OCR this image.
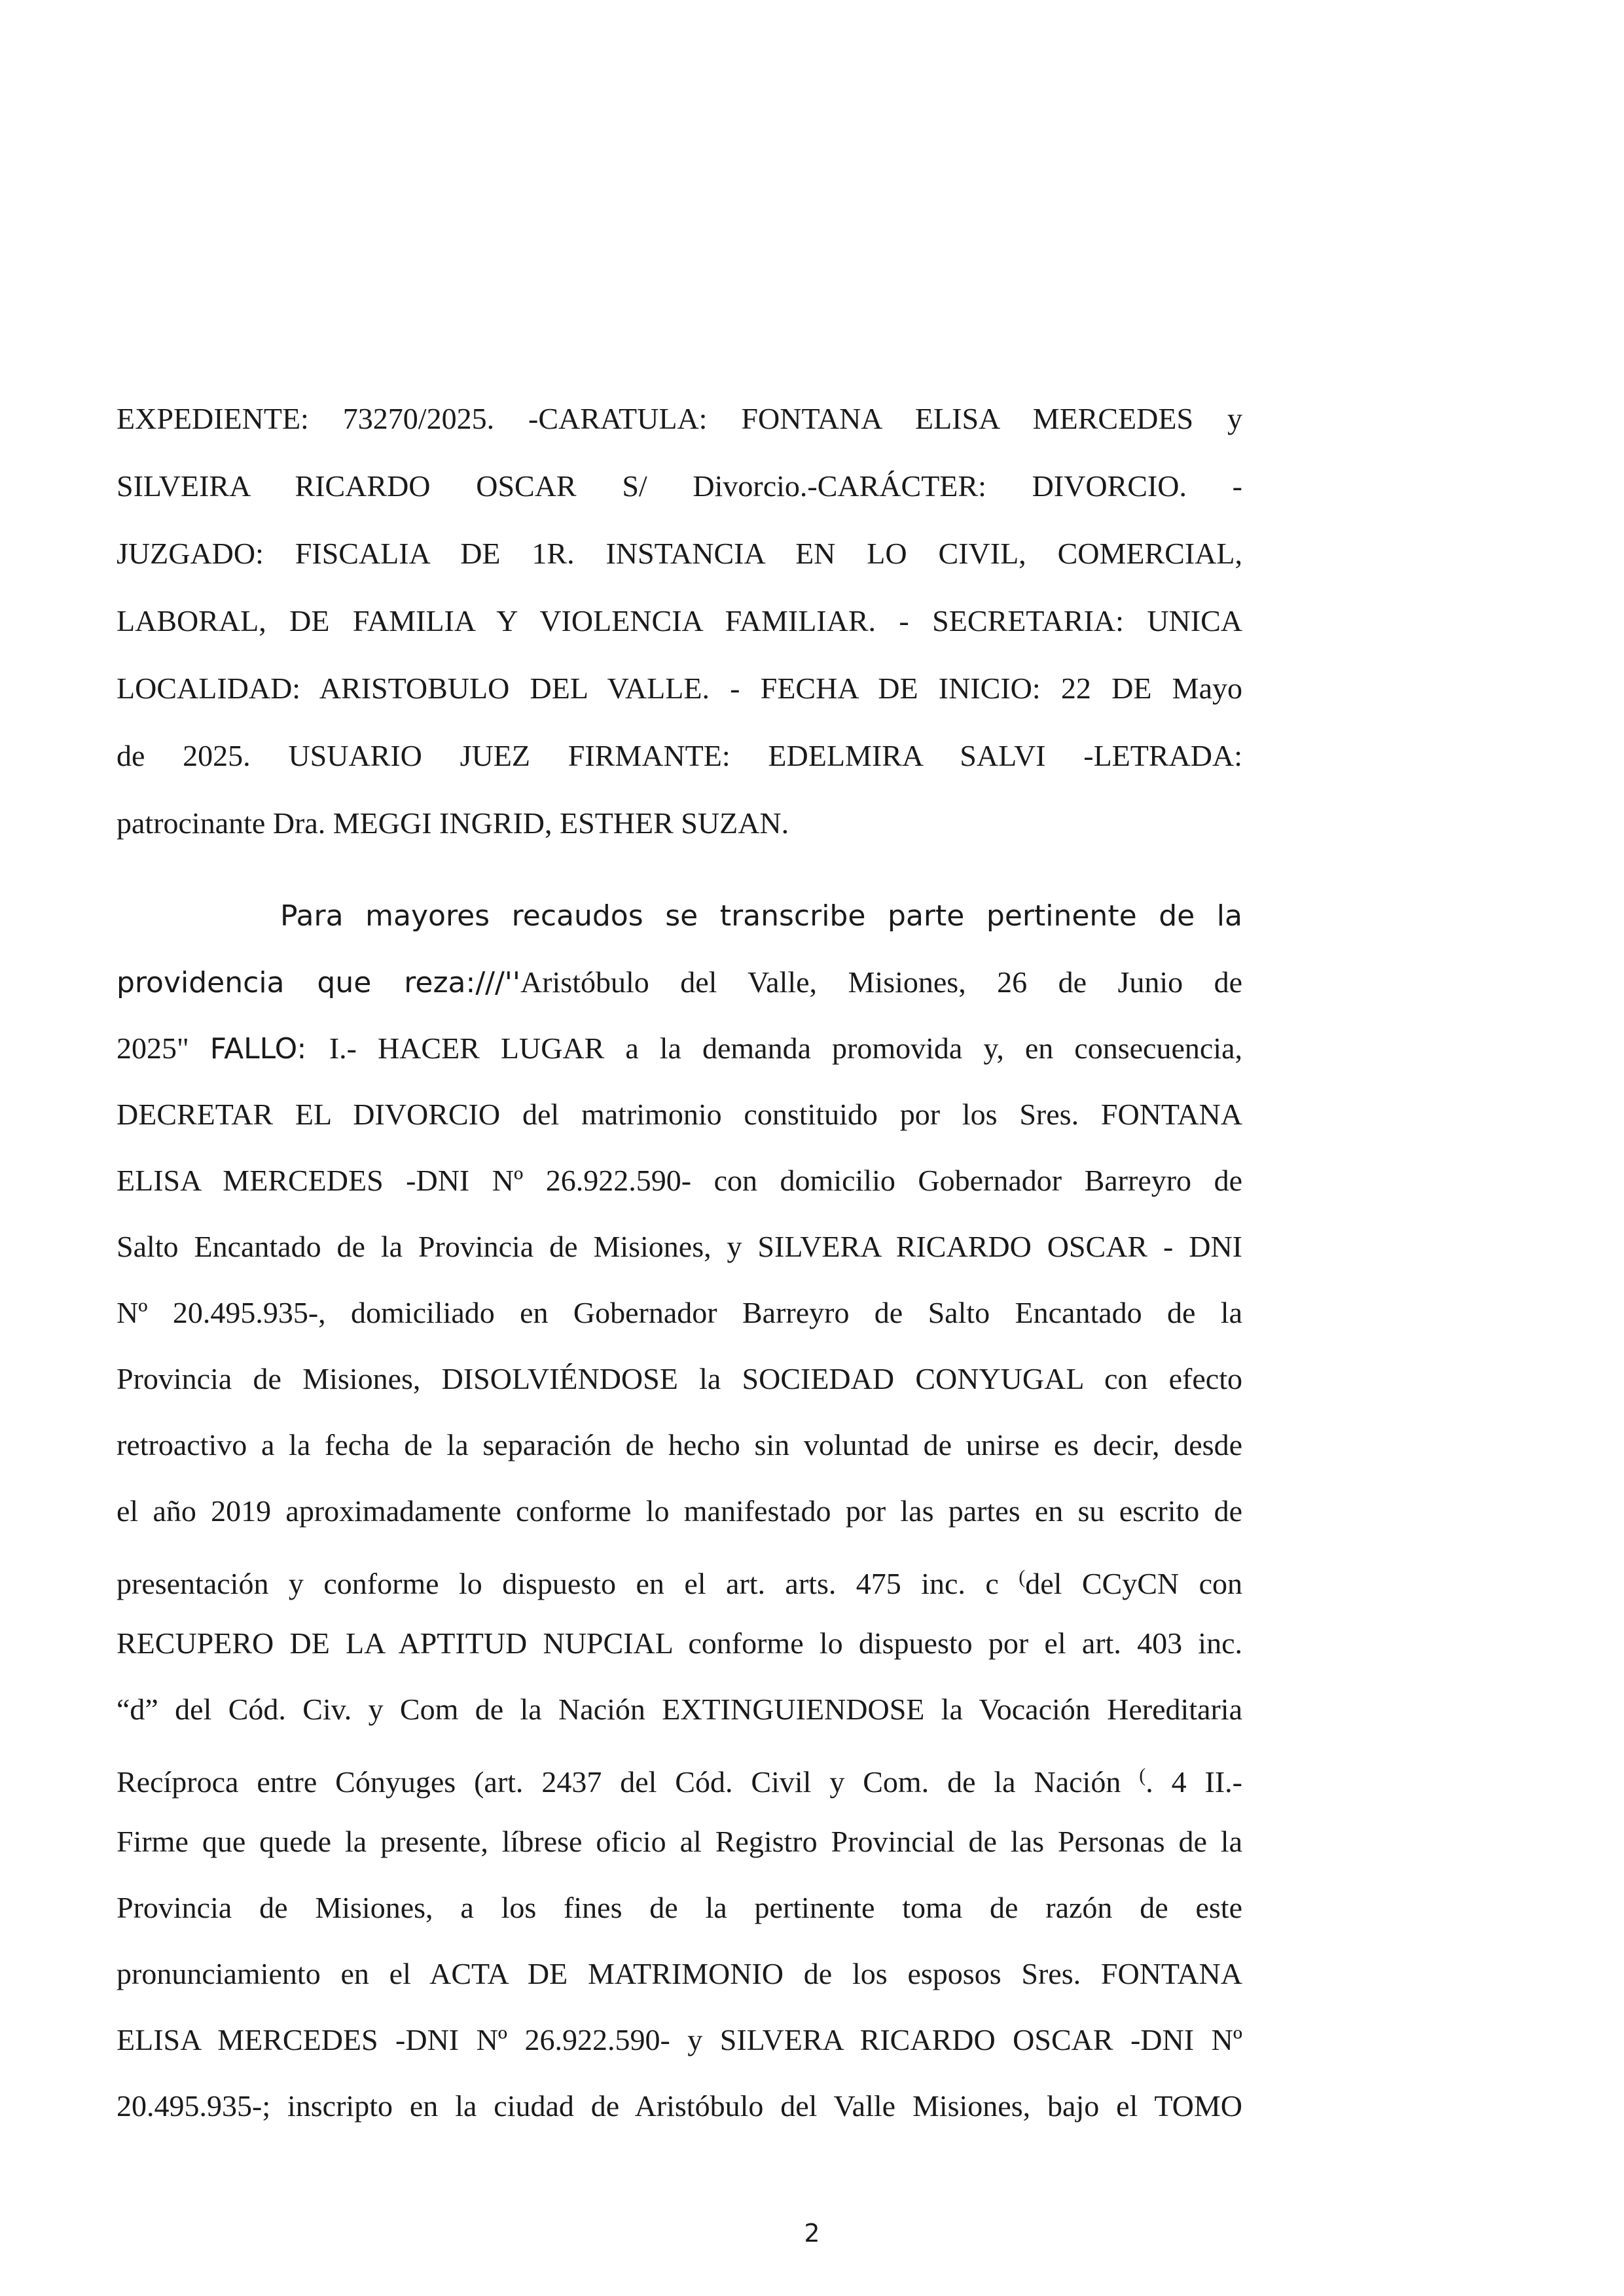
EXPEDIENTE: 73270/2025. -CARATULA: FONTANA ELISA MERCEDES y
SILVEIRA RICARDO OSCAR S/ Divorcio.-CARÁCTER: DIVORCIO. -
JUZGADO: FISCALIA DE 1R. INSTANCIA EN LO CIVIL, COMERCIAL,
LABORAL, DE FAMILIA Y VIOLENCIA FAMILIAR. - SECRETARIA: UNICA
LOCALIDAD: ARISTOBULO DEL VALLE. - FECHA DE INICIO: 22 DE Mayo
de 2025. USUARIO JUEZ FIRMANTE: EDELMIRA SALVI -LETRADA:
patrocinante Dra. MEGGI INGRID, ESTHER SUZAN.
Para mayores recaudos se transcribe parte pertinente de la
providencia que reza:///''Aristóbulo del Valle, Misiones, 26 de Junio de
2025" FALLO: I.- HACER LUGAR a la demanda promovida y, en consecuencia,
DECRETAR EL DIVORCIO del matrimonio constituido por los Sres. FONTANA
ELISA MERCEDES -DNI Nº 26.922.590- con domicilio Gobernador Barreyro de
Salto Encantado de la Provincia de Misiones, y SILVERA RICARDO OSCAR - DNI
Nº 20.495.935-, domiciliado en Gobernador Barreyro de Salto Encantado de la
Provincia de Misiones, DISOLVIÉNDOSE la SOCIEDAD CONYUGAL con efecto
retroactivo a la fecha de la separación de hecho sin voluntad de unirse es decir, desde
el año 2019 aproximadamente conforme lo manifestado por las partes en su escrito de
presentación y conforme lo dispuesto en el art. arts. 475 inc. c (del CCyCN con
RECUPERO DE LA APTITUD NUPCIAL conforme lo dispuesto por el art. 403 inc.
“d” del Cód. Civ. y Com de la Nación EXTINGUIENDOSE la Vocación Hereditaria
Recíproca entre Cónyuges (art. 2437 del Cód. Civil y Com. de la Nación (. 4 II.-
Firme que quede la presente, líbrese oficio al Registro Provincial de las Personas de la
Provincia de Misiones, a los fines de la pertinente toma de razón de este
pronunciamiento en el ACTA DE MATRIMONIO de los esposos Sres. FONTANA
ELISA MERCEDES -DNI Nº 26.922.590- y SILVERA RICARDO OSCAR -DNI Nº
20.495.935-; inscripto en la ciudad de Aristóbulo del Valle Misiones, bajo el TOMO
2
